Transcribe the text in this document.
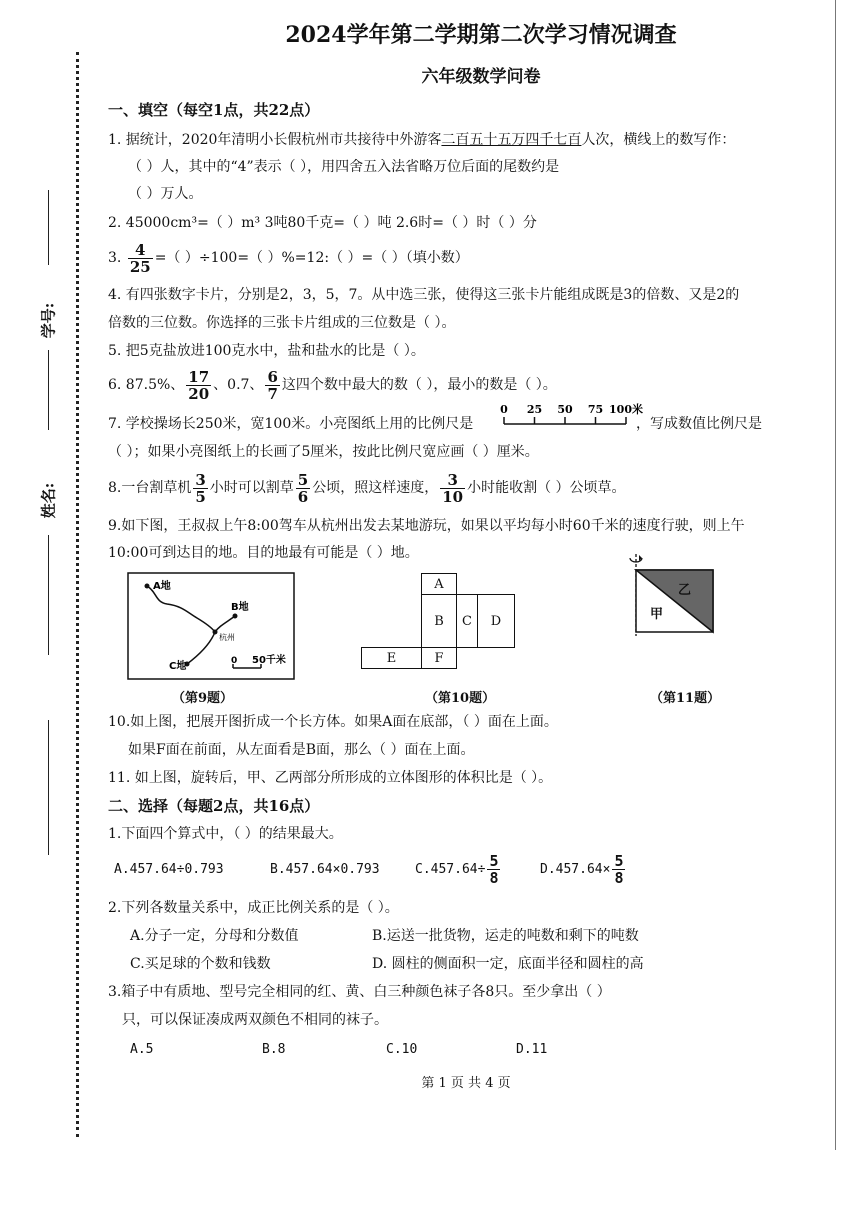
学号:
姓名:
2024学年第二学期第二次学习情况调查
六年级数学问卷
一、填空（每空1点，共22点）
1. 据统计，2020年清明小长假杭州市共接待中外游客二百五十五万四千七百人次，横线上的数写作：
（ ）人，其中的“4”表示（ ），用四舍五入法省略万位后面的尾数约是
（ ）万人。
2. 45000cm³=（ ）m³ 3吨80千克=（ ）吨 2.6时=（ ）时（ ）分
3. $\frac{4}{25}$ =（ ）÷100=（ ）%=12:（ ）=（ ）（填小数）
4. 有四张数字卡片，分别是2，3，5，7。从中选三张，使得这三张卡片能组成既是3的倍数、又是2的
倍数的三位数。你选择的三张卡片组成的三位数是（ ）。
5. 把5克盐放进100克水中，盐和盐水的比是（ ）。
6. 87.5%、 $\frac{17}{20}$ 、0.7、 $\frac{6}{7}$ 这四个数中最大的数（ ），最小的数是（ ）。
7. 学校操场长250米，宽100米。小亮图纸上用的比例尺是
0 25 50 75 100米
，写成数值比例尺是
（ ）；如果小亮图纸上的长画了5厘米，按此比例尺宽应画（ ）厘米。
8.一台割草机 $\frac{3}{5}$ 小时可以割草 $\frac{5}{6}$ 公顷，照这样速度， $\frac{3}{10}$ 小时能收割（ ）公顷草。
9.如下图，王叔叔上午8:00驾车从杭州出发去某地游玩，如果以平均每小时60千米的速度行驶，则上午
10:00可到达目的地。目的地最有可能是（ ）地。
A地
B地
C地
杭州
0 50千米
A
B	C	D
E	F
乙
甲
（第9题）	（第10题）	（第11题）
10.如上图，把展开图折成一个长方体。如果A面在底部，（ ）面在上面。
如果F面在前面，从左面看是B面，那么（ ）面在上面。
11. 如上图，旋转后，甲、乙两部分所形成的立体图形的体积比是（ ）。
二、选择（每题2点，共16点）
1.下面四个算式中，（ ）的结果最大。
A.457.64÷0.793	B.457.64×0.793	$C.457.64\div \frac{5}{8}$	$D.457.64\times \frac{5}{8}$
2.下列各数量关系中，成正比例关系的是（ ）。
A.分子一定，分母和分数值	B.运送一批货物，运走的吨数和剩下的吨数
C.买足球的个数和钱数	D. 圆柱的侧面积一定，底面半径和圆柱的高
3.箱子中有质地、型号完全相同的红、黄、白三种颜色袜子各8只。至少拿出（ ）
只，可以保证凑成两双颜色不相同的袜子。
A.5	B.8	C.10	D.11
第 1 页 共 4 页
